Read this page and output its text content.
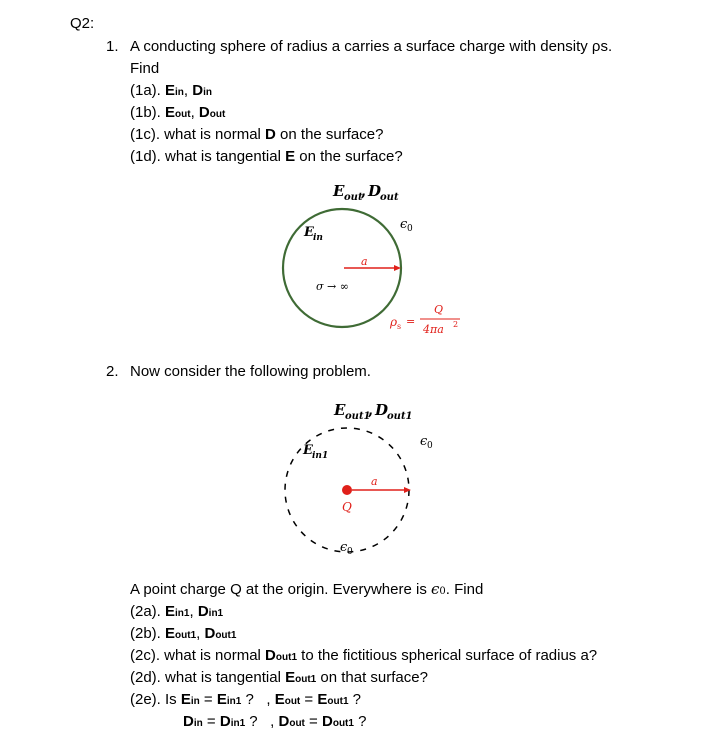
Q2:
1. A conducting sphere of radius a carries a surface charge with density ρs.
Find
(1a). Ein, Din
(1b). Eout, Dout
(1c). what is normal D on the surface?
(1d). what is tangential E on the surface?
E out
, D
out
ϵ 0
E in
a
σ → ∞
ρ s =
Q
4πa 2
2. Now consider the following problem.
E out1
, D
out1
ϵ 0
E in1
a
Q
ϵ 0
A point charge Q at the origin. Everywhere is ϵ0. Find
(2a). Ein1, Din1
(2b). Eout1, Dout1
(2c). what is normal Dout1 to the fictitious spherical surface of radius a?
(2d). what is tangential Eout1 on that surface?
(2e). Is Ein = Ein1 ?   , Eout = Eout1 ?
Din = Din1 ?   , Dout = Dout1 ?
